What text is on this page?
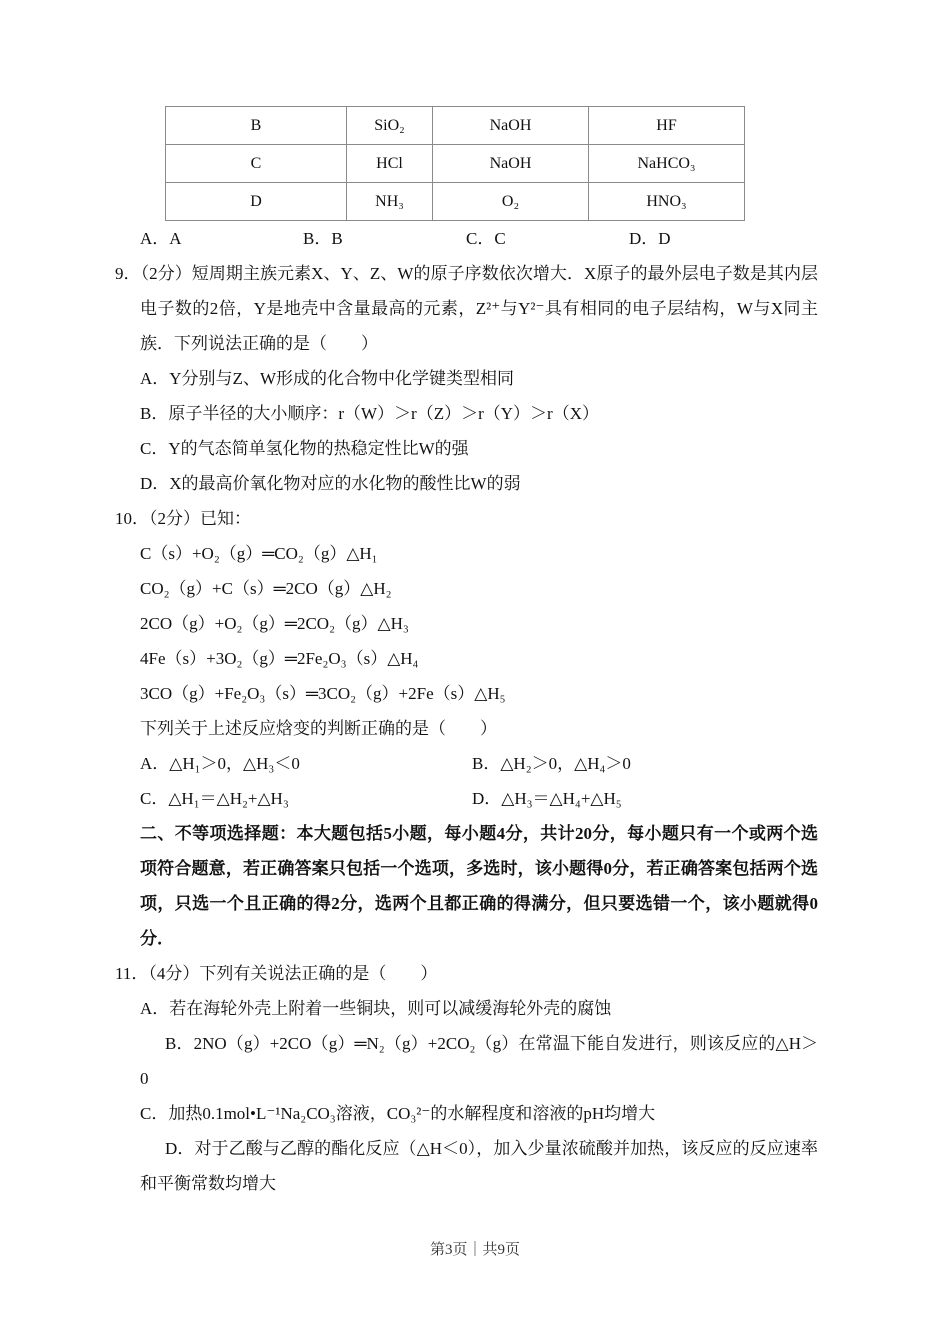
B	SiO₂	NaOH	HF
C	HCl	NaOH	NaHCO₃
D	NH₃	O₂	HNO₃
A．A	B．B	C．C	D．D

9．（2分）短周期主族元素X、Y、Z、W的原子序数依次增大．X原子的最外层电子数是其内层电子数的2倍，Y是地壳中含量最高的元素，Z²⁺与Y²⁻具有相同的电子层结构，W与X同主族．下列说法正确的是（　　）

A．Y分别与Z、W形成的化合物中化学键类型相同
B．原子半径的大小顺序：r（W）＞r（Z）＞r（Y）＞r（X）
C．Y的气态简单氢化物的热稳定性比W的强
D．X的最高价氧化物对应的水化物的酸性比W的弱

10．（2分）已知：

C（s）+O₂（g）═CO₂（g）△H₁
CO₂（g）+C（s）═2CO（g）△H₂
2CO（g）+O₂（g）═2CO₂（g）△H₃
4Fe（s）+3O₂（g）═2Fe₂O₃（s）△H₄
3CO（g）+Fe₂O₃（s）═3CO₂（g）+2Fe（s）△H₅
下列关于上述反应焓变的判断正确的是（　　）
A．△H₁＞0，△H₃＜0	B．△H₂＞0，△H₄＞0
C．△H₁＝△H₂+△H₃	D．△H₃＝△H₄+△H₅

二、不等项选择题：本大题包括5小题，每小题4分，共计20分，每小题只有一个或两个选项符合题意，若正确答案只包括一个选项，多选时，该小题得0分，若正确答案包括两个选项，只选一个且正确的得2分，选两个且都正确的得满分，但只要选错一个，该小题就得0分．

11．（4分）下列有关说法正确的是（　　）

A．若在海轮外壳上附着一些铜块，则可以减缓海轮外壳的腐蚀
B．2NO（g）+2CO（g）═N₂（g）+2CO₂（g）在常温下能自发进行，则该反应的△H＞0
C．加热0.1mol•L⁻¹Na₂CO₃溶液，CO₃²⁻的水解程度和溶液的pH均增大
D．对于乙酸与乙醇的酯化反应（△H＜0），加入少量浓硫酸并加热，该反应的反应速率和平衡常数均增大
第3页｜共9页
